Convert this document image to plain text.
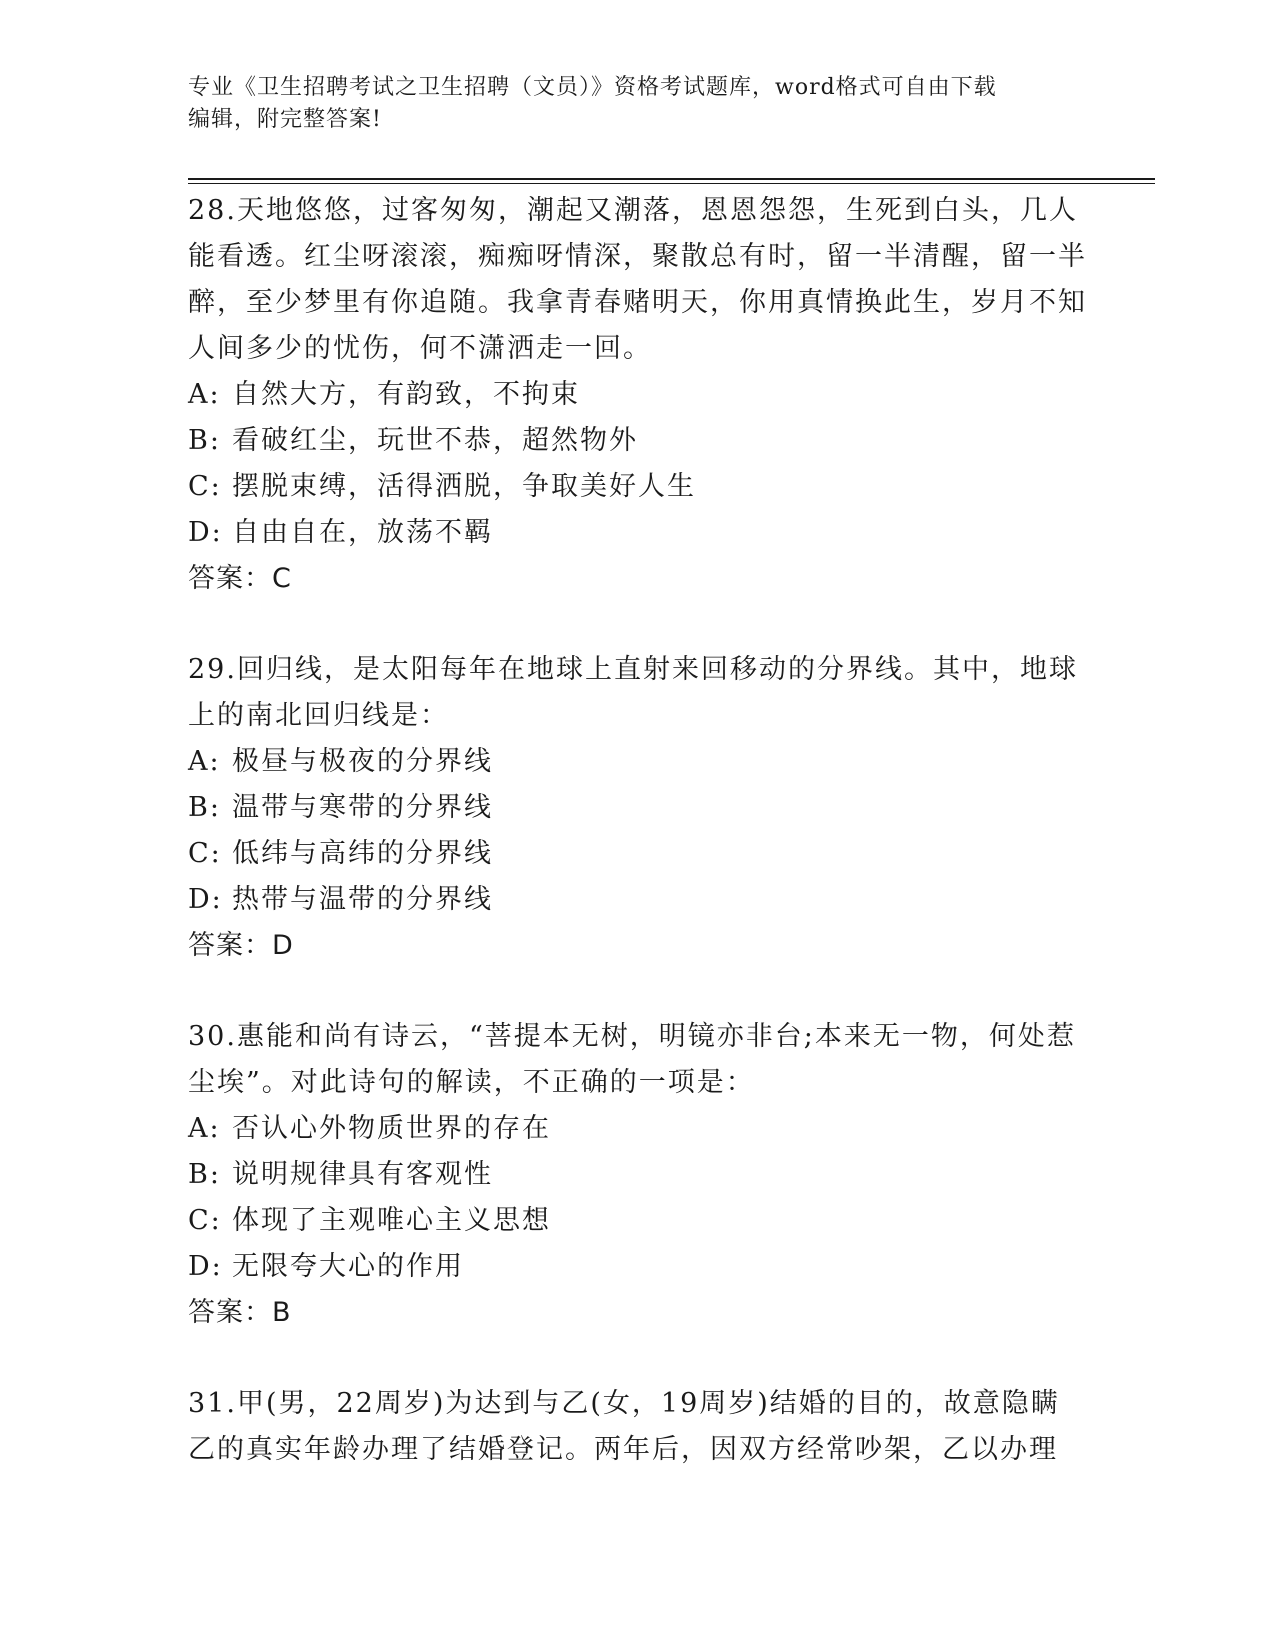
专业《卫生招聘考试之卫生招聘（文员）》资格考试题库，word格式可自由下载
编辑，附完整答案!
28.天地悠悠，过客匆匆，潮起又潮落，恩恩怨怨，生死到白头，几人能看透。红尘呀滚滚，痴痴呀情深，聚散总有时，留一半清醒，留一半醉，至少梦里有你追随。我拿青春赌明天，你用真情换此生，岁月不知人间多少的忧伤，何不潇洒走一回。
A: 自然大方，有韵致，不拘束
B: 看破红尘，玩世不恭，超然物外
C: 摆脱束缚，活得洒脱，争取美好人生
D: 自由自在，放荡不羁
答案：C
29.回归线，是太阳每年在地球上直射来回移动的分界线。其中，地球上的南北回归线是：
A: 极昼与极夜的分界线
B: 温带与寒带的分界线
C: 低纬与高纬的分界线
D: 热带与温带的分界线
答案：D
30.惠能和尚有诗云，“菩提本无树，明镜亦非台;本来无一物，何处惹尘埃”。对此诗句的解读，不正确的一项是：
A: 否认心外物质世界的存在
B: 说明规律具有客观性
C: 体现了主观唯心主义思想
D: 无限夸大心的作用
答案：B
31.甲(男，22周岁)为达到与乙(女，19周岁)结婚的目的，故意隐瞒乙的真实年龄办理了结婚登记。两年后，因双方经常吵架，乙以办理
